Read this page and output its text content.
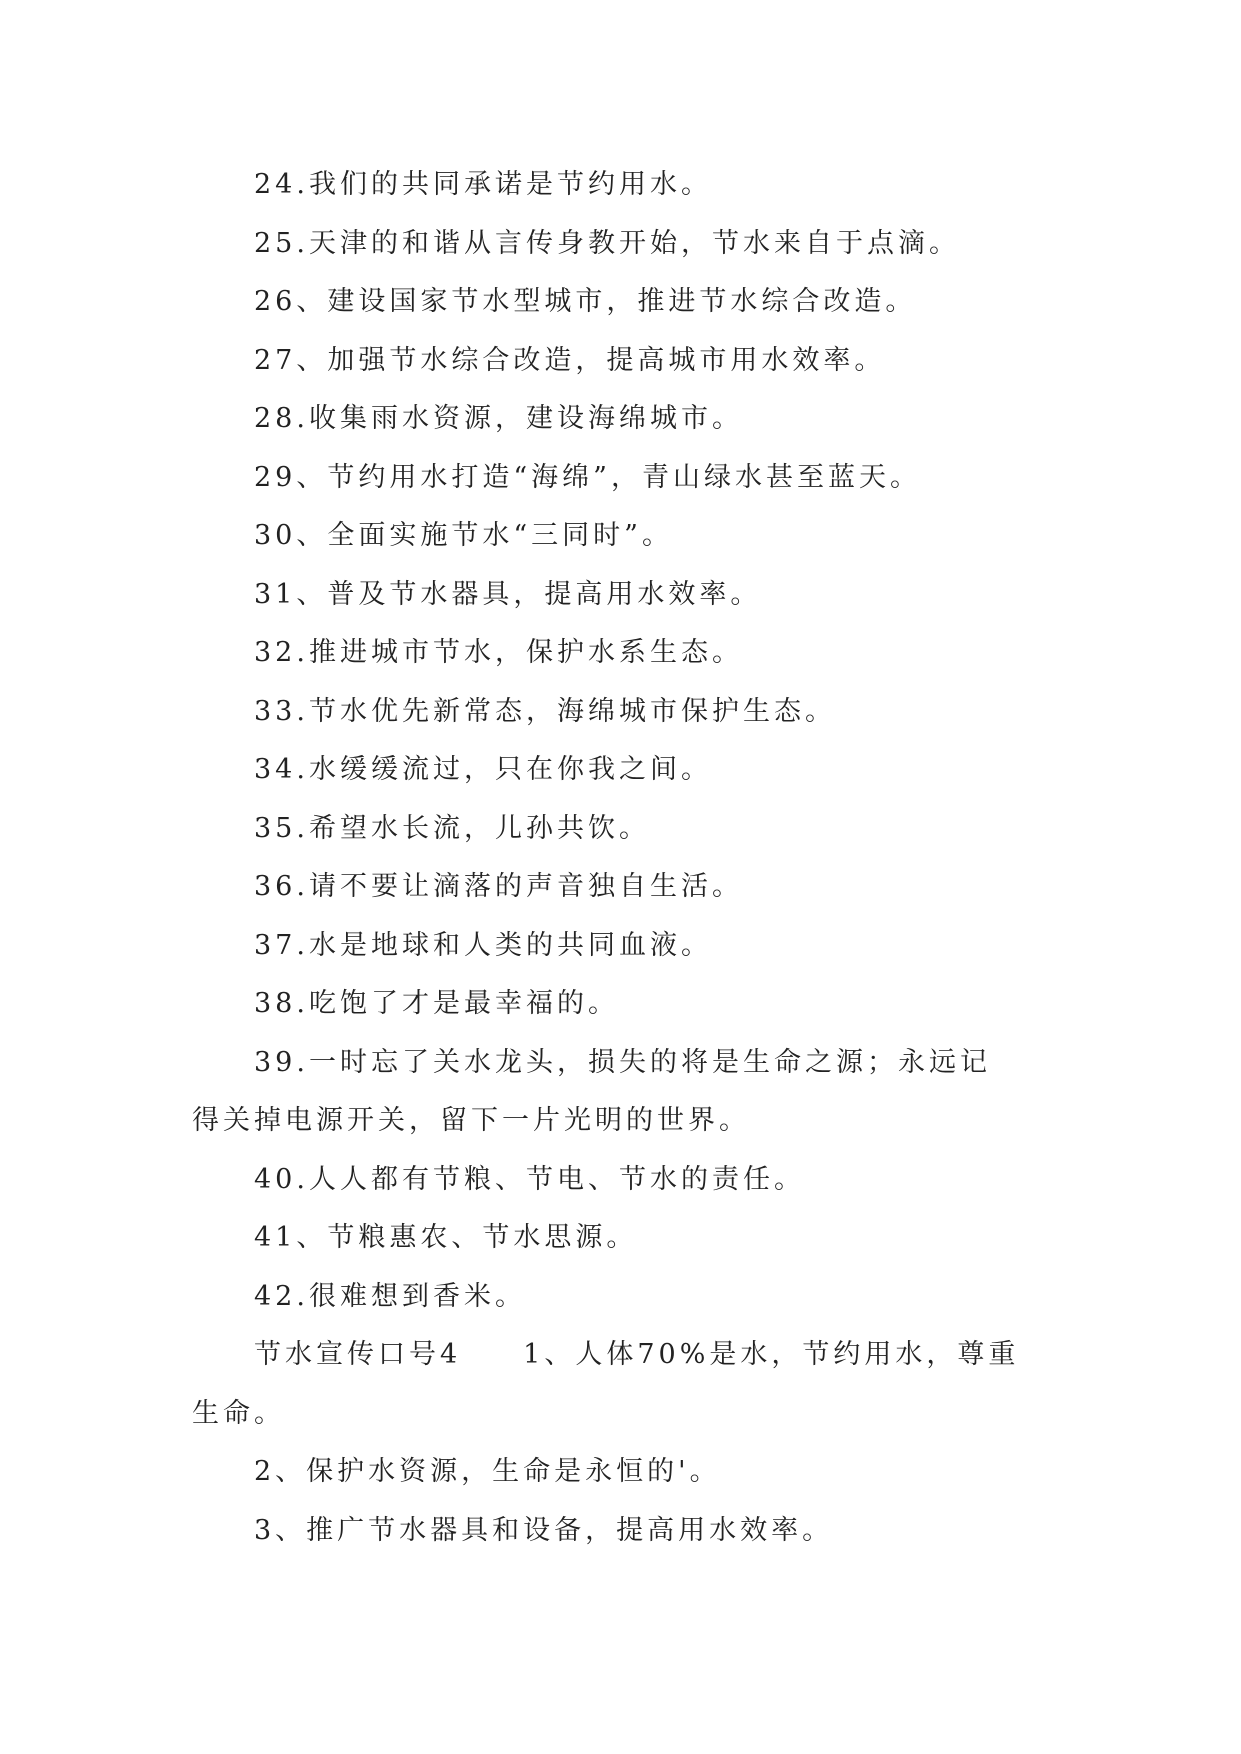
24.我们的共同承诺是节约用水。
25.天津的和谐从言传身教开始，节水来自于点滴。
26、建设国家节水型城市，推进节水综合改造。
27、加强节水综合改造，提高城市用水效率。
28.收集雨水资源，建设海绵城市。
29、节约用水打造“海绵”，青山绿水甚至蓝天。
30、全面实施节水“三同时”。
31、普及节水器具，提高用水效率。
32.推进城市节水，保护水系生态。
33.节水优先新常态，海绵城市保护生态。
34.水缓缓流过，只在你我之间。
35.希望水长流，儿孙共饮。
36.请不要让滴落的声音独自生活。
37.水是地球和人类的共同血液。
38.吃饱了才是最幸福的。
39.一时忘了关水龙头，损失的将是生命之源；永远记
得关掉电源开关，留下一片光明的世界。
40.人人都有节粮、节电、节水的责任。
41、节粮惠农、节水思源。
42.很难想到香米。
节水宣传口号4　　1、人体70%是水，节约用水，尊重
生命。
2、保护水资源，生命是永恒的'。
3、推广节水器具和设备，提高用水效率。
